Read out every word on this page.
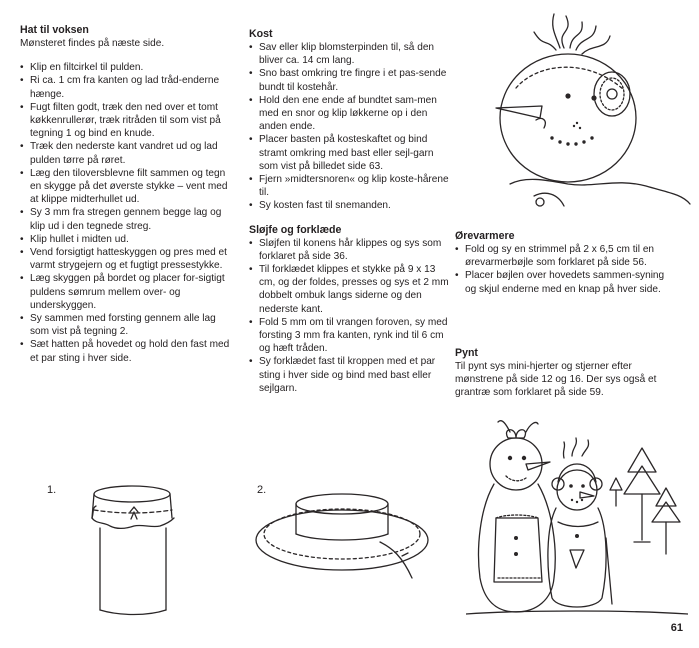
Hat til voksen

Mønsteret findes på næste side.

• Klip en filtcirkel til pulden.
• Ri ca. 1 cm fra kanten og lad tråd-enderne hænge.
• Fugt filten godt, træk den ned over et tomt køkkenrullerør, træk ritråden til som vist på tegning 1 og bind en knude.
• Træk den nederste kant vandret ud og lad pulden tørre på røret.
• Læg den tiloversblevne filt sammen og tegn en skygge på det øverste stykke – vent med at klippe midterhullet ud.
• Sy 3 mm fra stregen gennem begge lag og klip ud i den tegnede streg.
• Klip hullet i midten ud.
• Vend forsigtigt hatteskyggen og pres med et varmt strygejern og et fugtigt pressestykke.
• Læg skyggen på bordet og placer for-sigtigt puldens sømrum mellem over- og underskyggen.
• Sy sammen med forsting gennem alle lag som vist på tegning 2.
• Sæt hatten på hovedet og hold den fast med et par sting i hver side.
Kost
• Sav eller klip blomsterpinden til, så den bliver ca. 14 cm lang.
• Sno bast omkring tre fingre i et pas-sende bundt til kostehår.
• Hold den ene ende af bundtet sam-men med en snor og klip løkkerne op i den anden ende.
• Placer basten på kosteskaftet og bind stramt omkring med bast eller sejl-garn som vist på billedet side 63.
• Fjern »midtersnoren« og klip koste-hårene til.
• Sy kosten fast til snemanden.
Sløjfe og forklæde
• Sløjfen til konens hår klippes og sys som forklaret på side 36.
• Til forklædet klippes et stykke på 9 x 13 cm, og der foldes, presses og sys et 2 mm dobbelt ombuk langs siderne og den nederste kant.
• Fold 5 mm om til vrangen foroven, sy med forsting 3 mm fra kanten, rynk ind til 6 cm og hæft tråden.
• Sy forklædet fast til kroppen med et par sting i hver side og bind med bast eller sejlgarn.
Ørevarmere
• Fold og sy en strimmel på 2 x 6,5 cm til en ørevarmerbøjle som forklaret på side 56.
• Placer bøjlen over hovedets sammen-syning og skjul enderne med en knap på hver side.
Pynt

Til pynt sys mini-hjerter og stjerner efter mønstrene på side 12 og 16. Der sys også et grantræ som forklaret på side 59.

1.	2.
61
